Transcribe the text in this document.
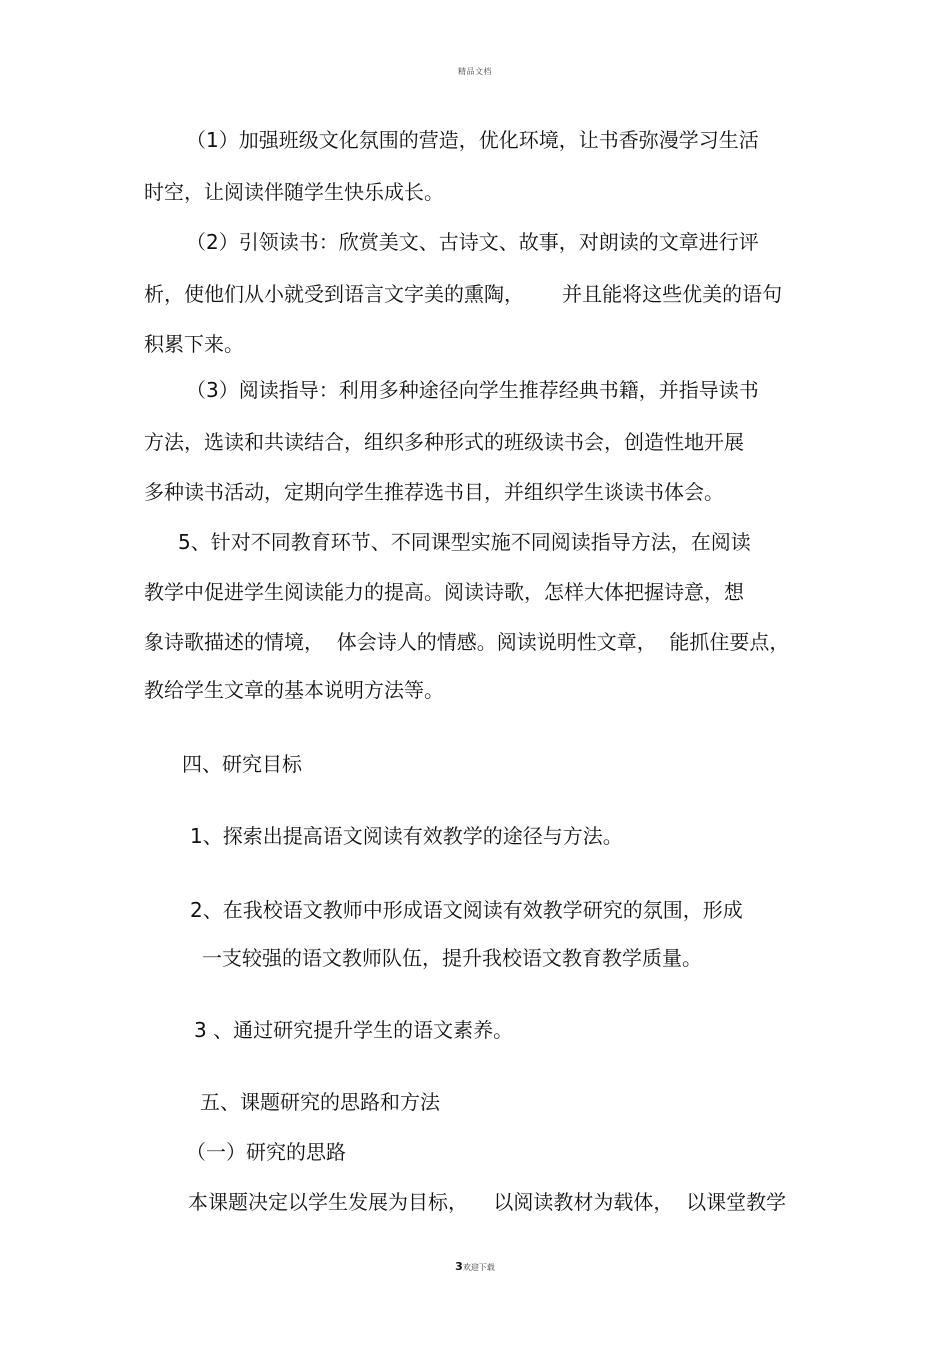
精品文档
（1）加强班级文化氛围的营造，优化环境，让书香弥漫学习生活
时空，让阅读伴随学生快乐成长。
（2）引领读书：欣赏美文、古诗文、故事，对朗读的文章进行评
析，使他们从小就受到语言文字美的熏陶，      并且能将这些优美的语句
积累下来。
（3）阅读指导：利用多种途径向学生推荐经典书籍，并指导读书
方法，选读和共读结合，组织多种形式的班级读书会，创造性地开展
多种读书活动，定期向学生推荐选书目，并组织学生谈读书体会。
5、针对不同教育环节、不同课型实施不同阅读指导方法，在阅读
教学中促进学生阅读能力的提高。阅读诗歌，怎样大体把握诗意，想
象诗歌描述的情境，  体会诗人的情感。阅读说明性文章，  能抓住要点，
教给学生文章的基本说明方法等。
四、研究目标
1、探索出提高语文阅读有效教学的途径与方法。
2、在我校语文教师中形成语文阅读有效教学研究的氛围，形成
一支较强的语文教师队伍，提升我校语文教育教学质量。
3 、通过研究提升学生的语文素养。
五、课题研究的思路和方法
（一）研究的思路
本课题决定以学生发展为目标，    以阅读教材为载体，  以课堂教学
3欢迎下载
